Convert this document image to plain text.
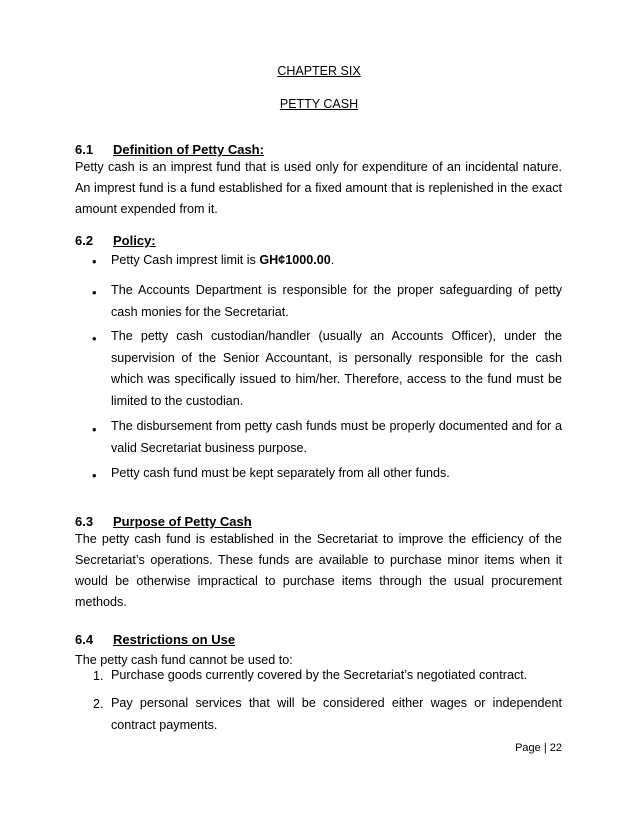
CHAPTER SIX
PETTY CASH
6.1 Definition of Petty Cash:
Petty cash is an imprest fund that is used only for expenditure of an incidental nature. An imprest fund is a fund established for a fixed amount that is replenished in the exact amount expended from it.
6.2 Policy:
• Petty Cash imprest limit is GH¢1000.00.
• The Accounts Department is responsible for the proper safeguarding of petty cash monies for the Secretariat.
• The petty cash custodian/handler (usually an Accounts Officer), under the supervision of the Senior Accountant, is personally responsible for the cash which was specifically issued to him/her. Therefore, access to the fund must be limited to the custodian.
• The disbursement from petty cash funds must be properly documented and for a valid Secretariat business purpose.
• Petty cash fund must be kept separately from all other funds.
6.3 Purpose of Petty Cash
The petty cash fund is established in the Secretariat to improve the efficiency of the Secretariat’s operations. These funds are available to purchase minor items when it would be otherwise impractical to purchase items through the usual procurement methods.
6.4 Restrictions on Use
The petty cash fund cannot be used to:
1. Purchase goods currently covered by the Secretariat’s negotiated contract.
2. Pay personal services that will be considered either wages or independent contract payments.
Page | 22
